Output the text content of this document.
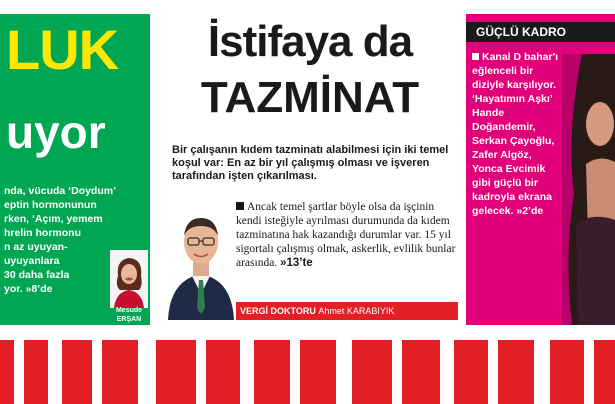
LUK
uyor
nda, vücuda ‘Doydum’
eptin hormonunun
rken, ‘Açım, yemem
hrelin hormonu
n az uyuyan-
uyuyanlara
30 daha fazla
yor. »8’de
Mesude
ERŞAN
İstifaya da
TAZMİNAT
Bir çalışanın kıdem tazminatı alabilmesi için iki temel koşul var: En az bir yıl çalışmış olması ve işveren tarafından işten çıkarılması.
Ancak temel şartlar böyle olsa da işçinin kendi isteğiyle ayrılması durumunda da kıdem tazminatına hak kazandığı durumlar var. 15 yıl sigortalı çalışmış olmak, askerlik, evlilik bunlar arasında. »13’te
VERGİ DOKTORU Ahmet KARABIYIK
GÜÇLÜ KADRO
Kanal D bahar'ı eğlenceli bir diziyle karşılıyor. ‘Hayatımın Aşkı’ Hande Doğandemir, Serkan Çayoğlu, Zafer Algöz, Yonca Evcimik gibi güçlü bir kadroyla ekrana gelecek. »2’de
